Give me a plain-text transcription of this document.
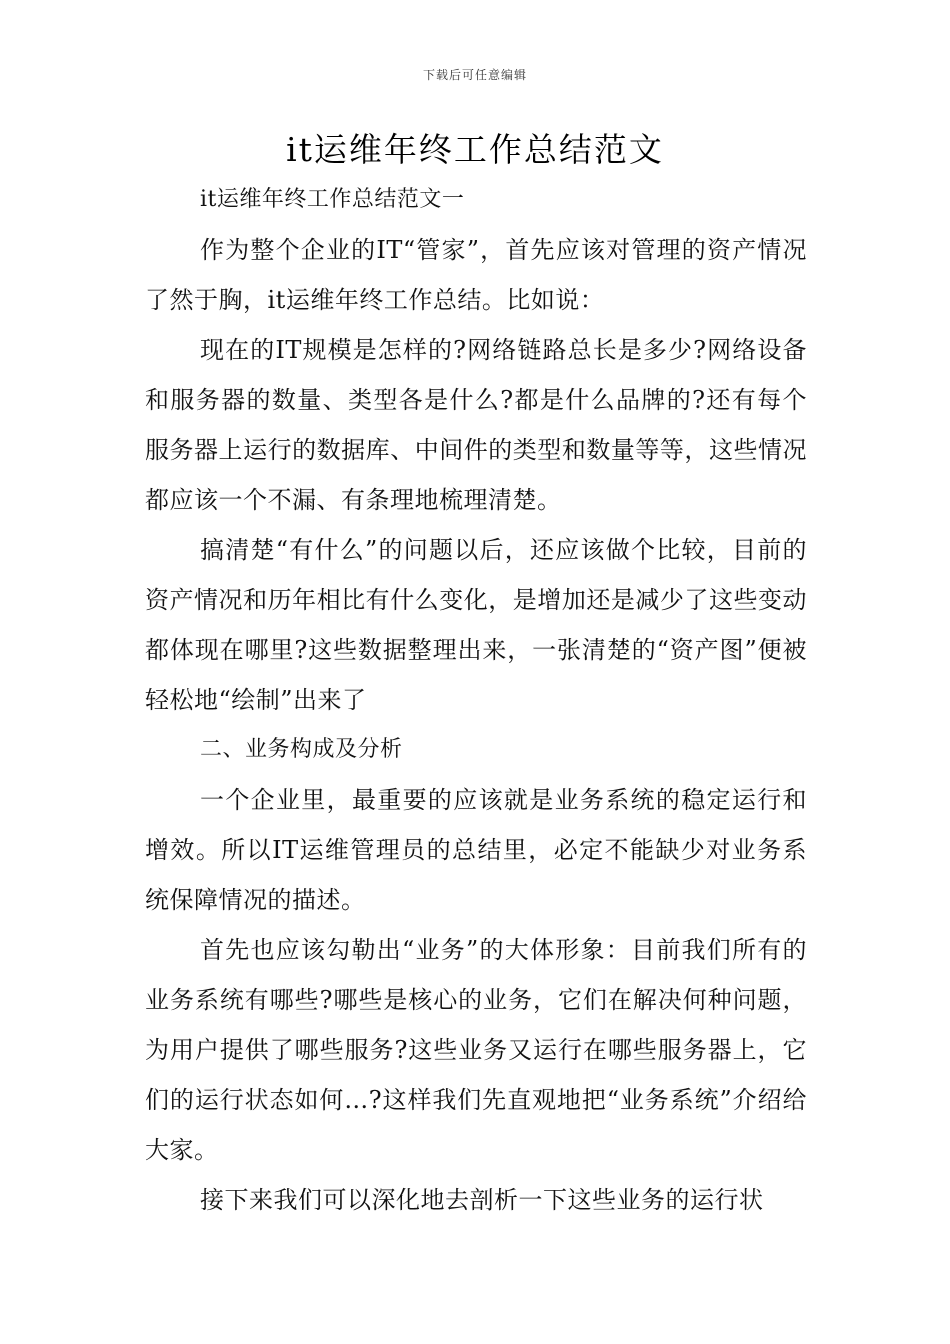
下载后可任意编辑
it运维年终工作总结范文

it运维年终工作总结范文一

作为整个企业的IT“管家”，首先应该对管理的资产情况了然于胸，it运维年终工作总结。比如说：

现在的IT规模是怎样的?网络链路总长是多少?网络设备和服务器的数量、类型各是什么?都是什么品牌的?还有每个服务器上运行的数据库、中间件的类型和数量等等，这些情况都应该一个不漏、有条理地梳理清楚。

搞清楚“有什么”的问题以后，还应该做个比较，目前的资产情况和历年相比有什么变化，是增加还是减少了这些变动都体现在哪里?这些数据整理出来，一张清楚的“资产图”便被轻松地“绘制”出来了

二、业务构成及分析

一个企业里，最重要的应该就是业务系统的稳定运行和增效。所以IT运维管理员的总结里，必定不能缺少对业务系统保障情况的描述。

首先也应该勾勒出“业务”的大体形象：目前我们所有的业务系统有哪些?哪些是核心的业务，它们在解决何种问题，为用户提供了哪些服务?这些业务又运行在哪些服务器上，它们的运行状态如何…?这样我们先直观地把“业务系统”介绍给大家。

接下来我们可以深化地去剖析一下这些业务的运行状
